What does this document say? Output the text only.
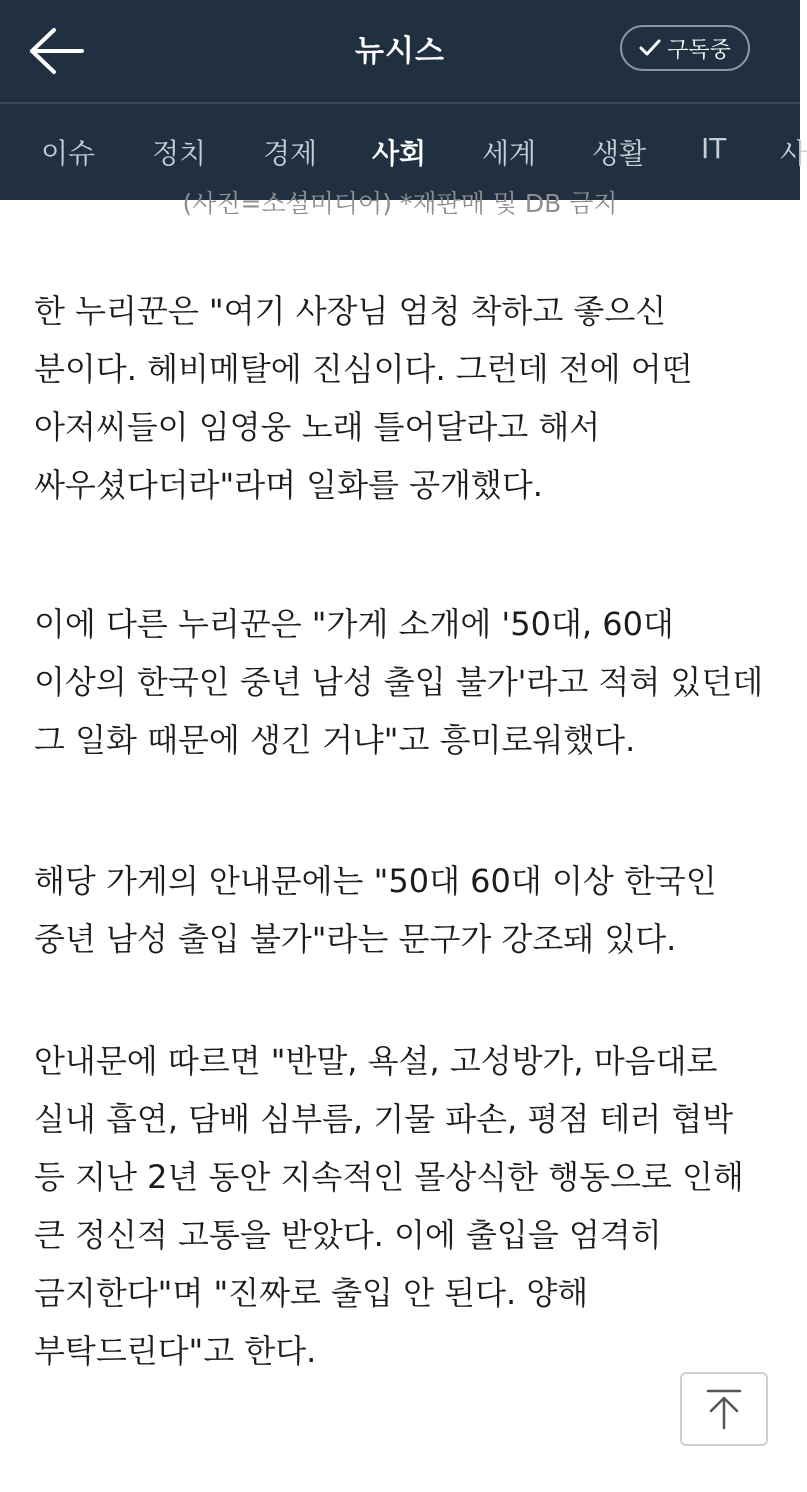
뉴시스	구독중
이슈 정치 경제 사회 세계 생활 IT 사
(사진=소셜미디어) *재판매 및 DB 금지

한 누리꾼은 "여기 사장님 엄청 착하고 좋으신 분이다. 헤비메탈에 진심이다. 그런데 전에 어떤 아저씨들이 임영웅 노래 틀어달라고 해서 싸우셨다더라"라며 일화를 공개했다.

이에 다른 누리꾼은 "가게 소개에 '50대, 60대 이상의 한국인 중년 남성 출입 불가'라고 적혀 있던데 그 일화 때문에 생긴 거냐"고 흥미로워했다.

해당 가게의 안내문에는 "50대 60대 이상 한국인 중년 남성 출입 불가"라는 문구가 강조돼 있다.

안내문에 따르면 "반말, 욕설, 고성방가, 마음대로 실내 흡연, 담배 심부름, 기물 파손, 평점 테러 협박 등 지난 2년 동안 지속적인 몰상식한 행동으로 인해 큰 정신적 고통을 받았다. 이에 출입을 엄격히 금지한다"며 "진짜로 출입 안 된다. 양해 부탁드린다"고 한다.
